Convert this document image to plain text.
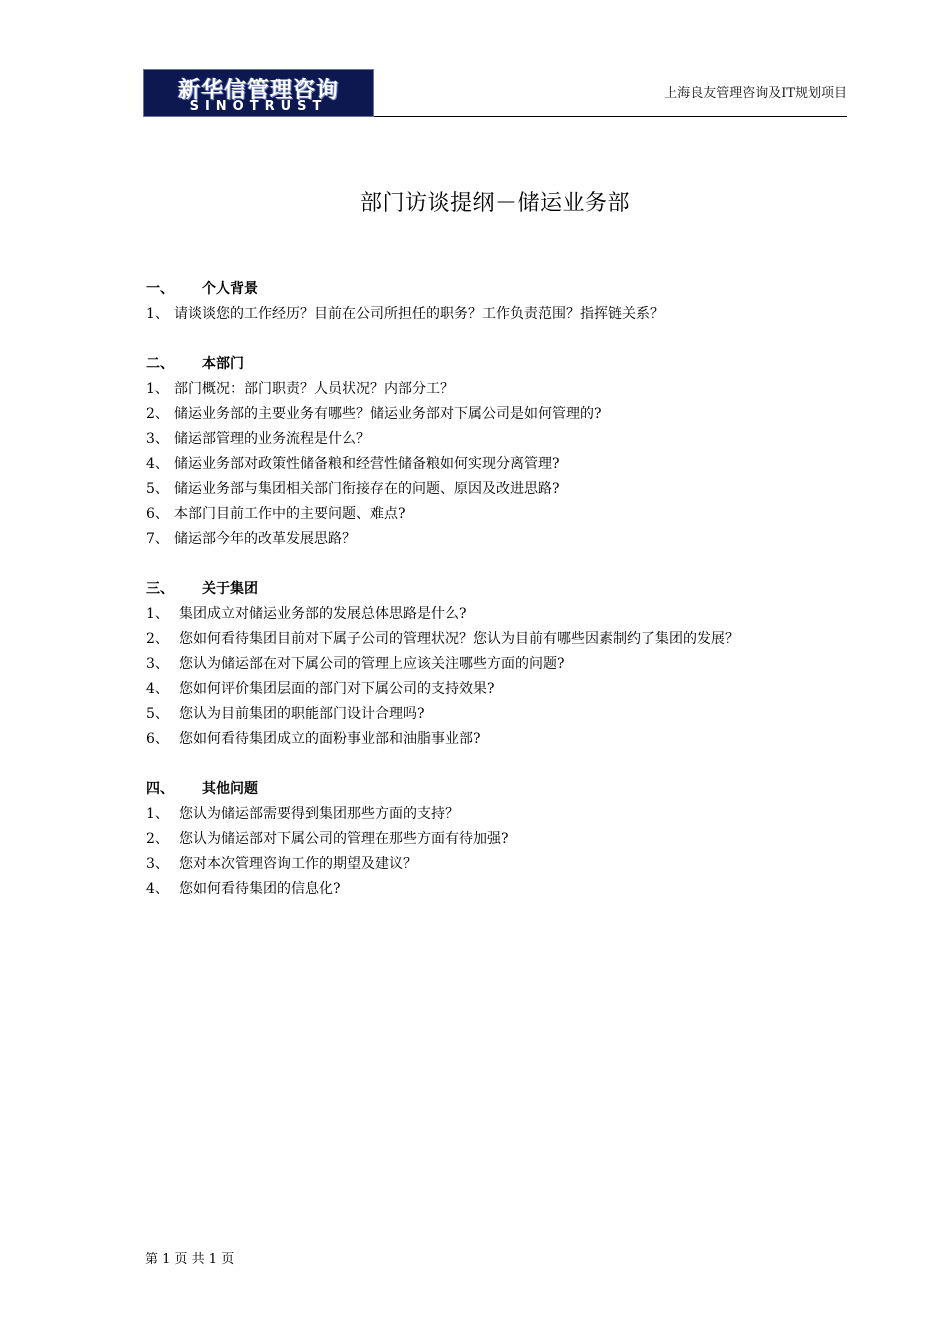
新华信管理咨询
SINOTRUST
上海良友管理咨询及IT规划项目
部门访谈提纲－储运业务部
一、 个人背景
1、 请谈谈您的工作经历？目前在公司所担任的职务？工作负责范围？指挥链关系？
二、 本部门
1、 部门概况：部门职责？人员状况？内部分工？
2、 储运业务部的主要业务有哪些？储运业务部对下属公司是如何管理的?
3、 储运部管理的业务流程是什么？
4、 储运业务部对政策性储备粮和经营性储备粮如何实现分离管理?
5、 储运业务部与集团相关部门衔接存在的问题、原因及改进思路?
6、 本部门目前工作中的主要问题、难点?
7、 储运部今年的改革发展思路？
三、 关于集团
1、 集团成立对储运业务部的发展总体思路是什么?
2、 您如何看待集团目前对下属子公司的管理状况？您认为目前有哪些因素制约了集团的发展？
3、 您认为储运部在对下属公司的管理上应该关注哪些方面的问题?
4、 您如何评价集团层面的部门对下属公司的支持效果?
5、 您认为目前集团的职能部门设计合理吗?
6、 您如何看待集团成立的面粉事业部和油脂事业部?
四、 其他问题
1、 您认为储运部需要得到集团那些方面的支持？
2、 您认为储运部对下属公司的管理在那些方面有待加强?
3、 您对本次管理咨询工作的期望及建议？
4、 您如何看待集团的信息化?
第 1 页 共 1 页
